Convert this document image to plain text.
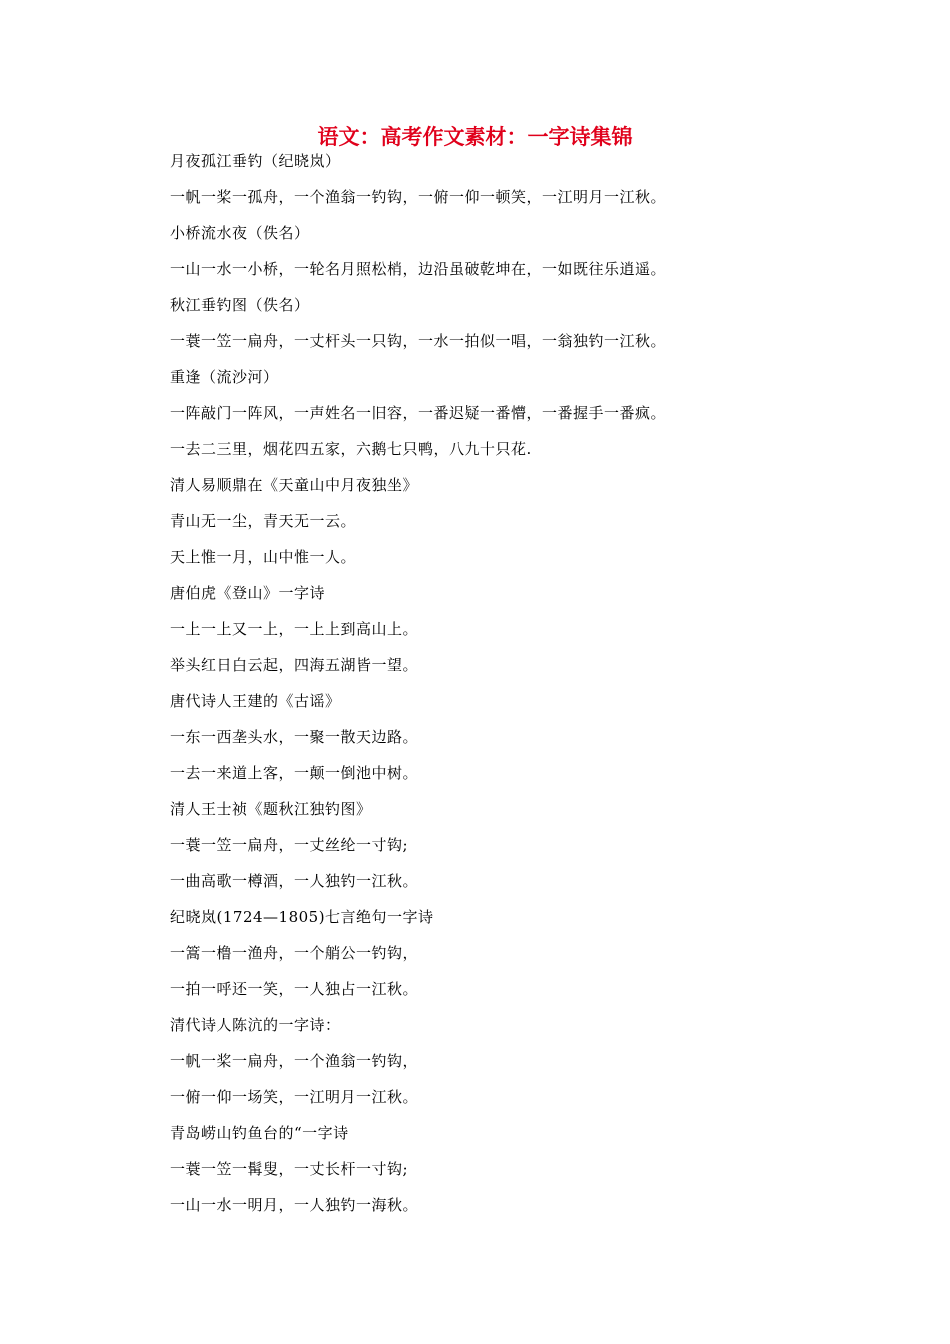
语文：高考作文素材：一字诗集锦
月夜孤江垂钓（纪晓岚）
一帆一桨一孤舟，一个渔翁一钓钩，一俯一仰一顿笑，一江明月一江秋。
小桥流水夜（佚名）
一山一水一小桥，一轮名月照松梢，边沿虽破乾坤在，一如既往乐逍遥。
秋江垂钓图（佚名）
一蓑一笠一扁舟，一丈杆头一只钩，一水一拍似一唱，一翁独钓一江秋。
重逢（流沙河）
一阵敲门一阵风，一声姓名一旧容，一番迟疑一番懵，一番握手一番疯。
一去二三里，烟花四五家，六鹅七只鸭，八九十只花.
清人易顺鼎在《天童山中月夜独坐》
青山无一尘，青天无一云。
天上惟一月，山中惟一人。
唐伯虎《登山》一字诗
一上一上又一上，一上上到高山上。
举头红日白云起，四海五湖皆一望。
唐代诗人王建的《古谣》
一东一西垄头水，一聚一散天边路。
一去一来道上客，一颠一倒池中树。
清人王士祯《题秋江独钓图》
一蓑一笠一扁舟，一丈丝纶一寸钩;
一曲高歌一樽酒，一人独钓一江秋。
纪晓岚(1724—1805)七言绝句一字诗
一篙一橹一渔舟，一个艄公一钓钩，
一拍一呼还一笑，一人独占一江秋。
清代诗人陈沆的一字诗：
一帆一桨一扁舟，一个渔翁一钓钩，
一俯一仰一场笑，一江明月一江秋。
青岛崂山钓鱼台的“一字诗
一蓑一笠一髯叟，一丈长杆一寸钩;
一山一水一明月，一人独钓一海秋。
